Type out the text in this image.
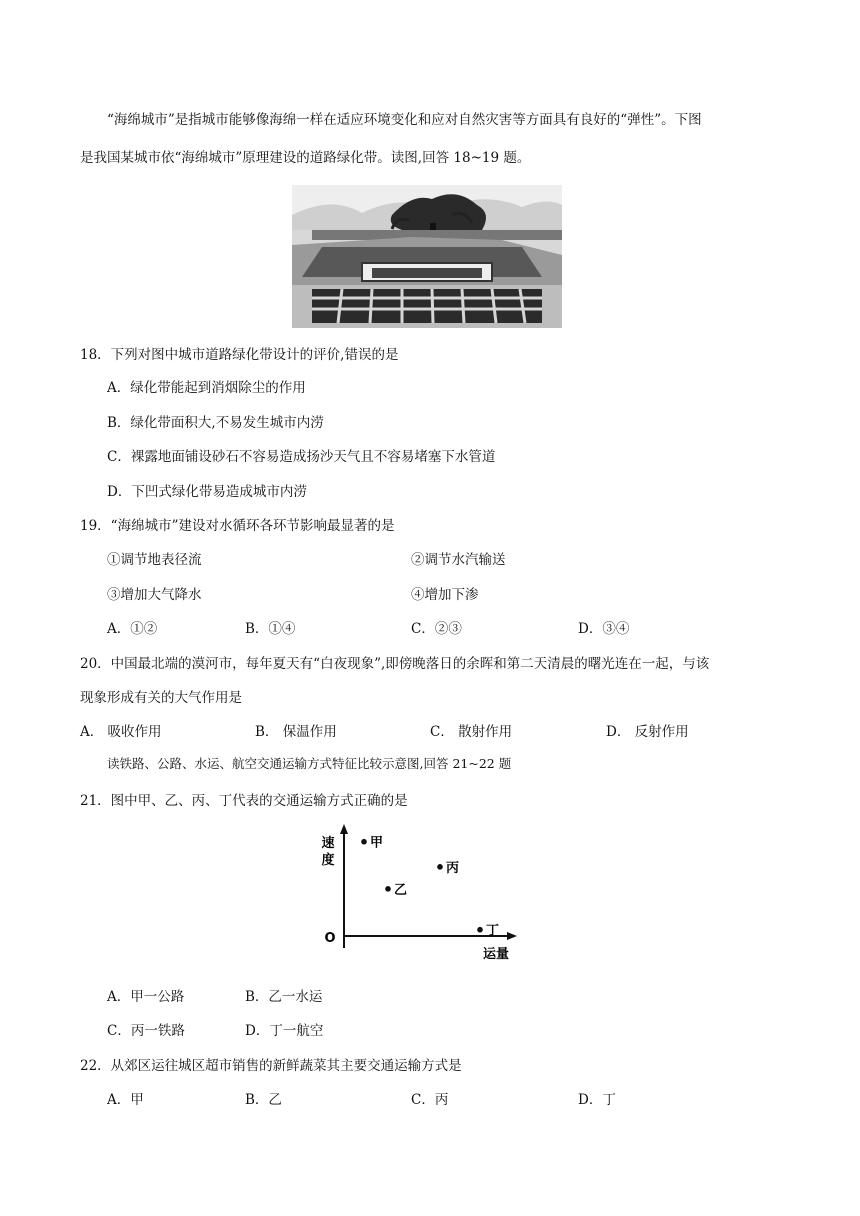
“海绵城市”是指城市能够像海绵一样在适应环境变化和应对自然灾害等方面具有良好的“弹性”。下图
是我国某城市依“海绵城市”原理建设的道路绿化带。读图,回答 18~19 题。
18．下列对图中城市道路绿化带设计的评价,错误的是
A．绿化带能起到消烟除尘的作用
B．绿化带面积大,不易发生城市内涝
C．裸露地面铺设砂石不容易造成扬沙天气且不容易堵塞下水管道
D．下凹式绿化带易造成城市内涝
19．“海绵城市”建设对水循环各环节影响最显著的是
①调节地表径流	②调节水汽输送
③增加大气降水	④增加下渗
A．①②	B．①④	C．②③	D．③④
20．中国最北端的漠河市，每年夏天有“白夜现象”,即傍晚落日的余晖和第二天清晨的曙光连在一起，与该
现象形成有关的大气作用是
A． 吸收作用	B． 保温作用	C． 散射作用	D． 反射作用
读铁路、公路、水运、航空交通运输方式特征比较示意图,回答 21~22 题
21．图中甲、乙、丙、丁代表的交通运输方式正确的是
速
度
O
运量
甲
乙
丙
丁
A．甲一公路	B．乙一水运
C．丙一铁路	D．丁一航空
22．从郊区运往城区超市销售的新鲜蔬菜其主要交通运输方式是
A．甲	B．乙	C．丙	D．丁
